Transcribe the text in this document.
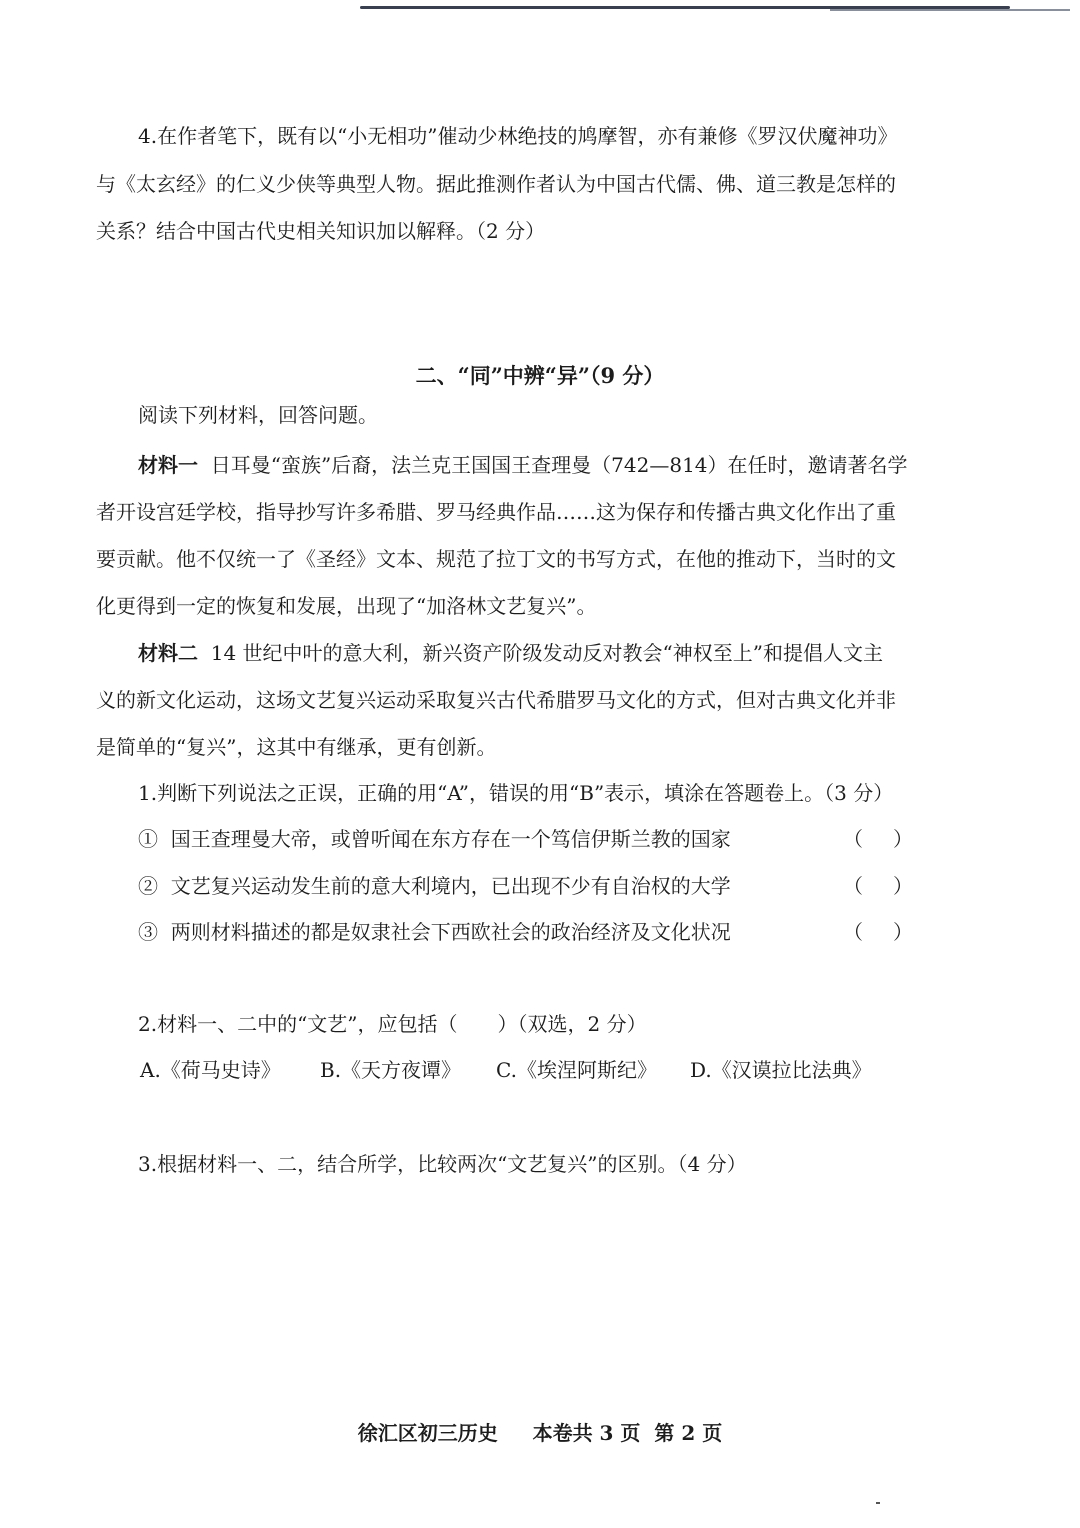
4.在作者笔下，既有以“小无相功”催动少林绝技的鸠摩智，亦有兼修《罗汉伏魔神功》
与《太玄经》的仁义少侠等典型人物。据此推测作者认为中国古代儒、佛、道三教是怎样的
关系？结合中国古代史相关知识加以解释。（2 分）
二、“同”中辨“异”（9 分）
阅读下列材料，回答问题。
材料一 日耳曼“蛮族”后裔，法兰克王国国王查理曼（742—814）在任时，邀请著名学
者开设宫廷学校，指导抄写许多希腊、罗马经典作品……这为保存和传播古典文化作出了重
要贡献。他不仅统一了《圣经》文本、规范了拉丁文的书写方式，在他的推动下，当时的文
化更得到一定的恢复和发展，出现了“加洛林文艺复兴”。
材料二 14 世纪中叶的意大利，新兴资产阶级发动反对教会“神权至上”和提倡人文主
义的新文化运动，这场文艺复兴运动采取复兴古代希腊罗马文化的方式，但对古典文化并非
是简单的“复兴”，这其中有继承，更有创新。
1.判断下列说法之正误，正确的用“A”，错误的用“B”表示，填涂在答题卷上。（3 分）
① 国王查理曼大帝，或曾听闻在东方存在一个笃信伊斯兰教的国家	（ ）
② 文艺复兴运动发生前的意大利境内，已出现不少有自治权的大学	（ ）
③ 两则材料描述的都是奴隶社会下西欧社会的政治经济及文化状况	（ ）
2.材料一、二中的“文艺”，应包括（　　）（双选，2 分）
A.《荷马史诗》 B.《天方夜谭》 C.《埃涅阿斯纪》 D.《汉谟拉比法典》
3.根据材料一、二，结合所学，比较两次“文艺复兴”的区别。（4 分）
徐汇区初三历史 本卷共 3 页 第 2 页
